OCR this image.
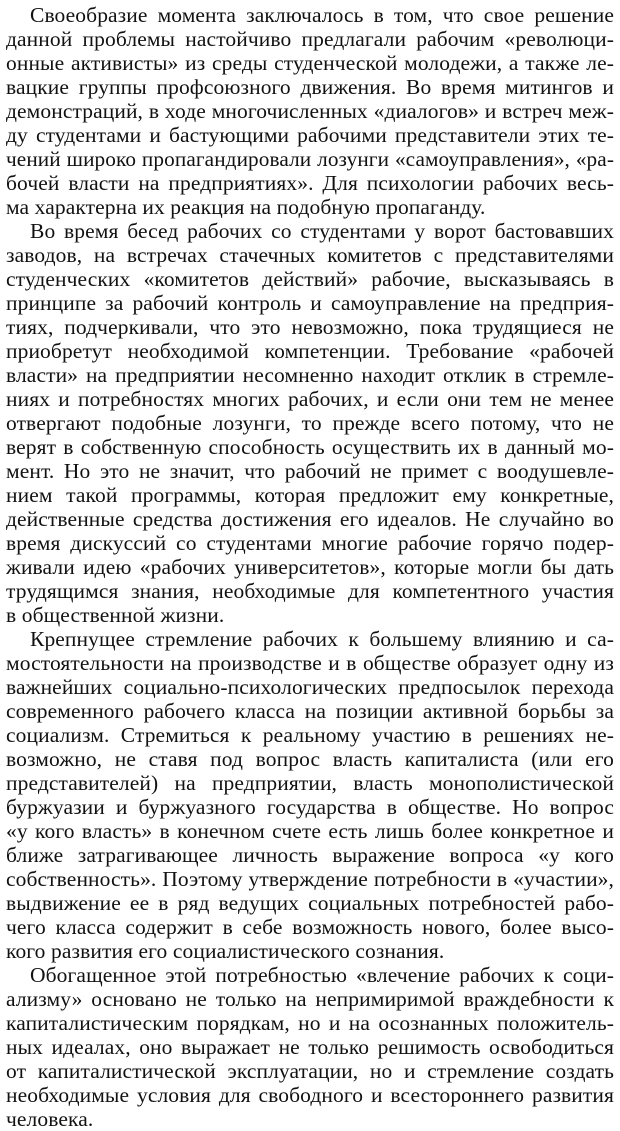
Своеобразие момента заключалось в том, что свое решение
данной проблемы настойчиво предлагали рабочим «революци-
онные активисты» из среды студенческой молодежи, а также ле-
вацкие группы профсоюзного движения. Во время митингов и
демонстраций, в ходе многочисленных «диалогов» и встреч меж-
ду студентами и бастующими рабочими представители этих те-
чений широко пропагандировали лозунги «самоуправления», «ра-
бочей власти на предприятиях». Для психологии рабочих весь-
ма характерна их реакция на подобную пропаганду.
Во время бесед рабочих со студентами у ворот бастовавших
заводов, на встречах стачечных комитетов с представителями
студенческих «комитетов действий» рабочие, высказываясь в
принципе за рабочий контроль и самоуправление на предприя-
тиях, подчеркивали, что это невозможно, пока трудящиеся не
приобретут необходимой компетенции. Требование «рабочей
власти» на предприятии несомненно находит отклик в стремле-
ниях и потребностях многих рабочих, и если они тем не менее
отвергают подобные лозунги, то прежде всего потому, что не
верят в собственную способность осуществить их в данный мо-
мент. Но это не значит, что рабочий не примет с воодушевле-
нием такой программы, которая предложит ему конкретные,
действенные средства достижения его идеалов. Не случайно во
время дискуссий со студентами многие рабочие горячо подер-
живали идею «рабочих университетов», которые могли бы дать
трудящимся знания, необходимые для компетентного участия
в общественной жизни.
Крепнущее стремление рабочих к большему влиянию и са-
мостоятельности на производстве и в обществе образует одну из
важнейших социально-психологических предпосылок перехода
современного рабочего класса на позиции активной борьбы за
социализм. Стремиться к реальному участию в решениях не-
возможно, не ставя под вопрос власть капиталиста (или его
представителей) на предприятии, власть монополистической
буржуазии и буржуазного государства в обществе. Но вопрос
«у кого власть» в конечном счете есть лишь более конкретное и
ближе затрагивающее личность выражение вопроса «у кого
собственность». Поэтому утверждение потребности в «участии»,
выдвижение ее в ряд ведущих социальных потребностей рабо-
чего класса содержит в себе возможность нового, более высо-
кого развития его социалистического сознания.
Обогащенное этой потребностью «влечение рабочих к соци-
ализму» основано не только на непримиримой враждебности к
капиталистическим порядкам, но и на осознанных положитель-
ных идеалах, оно выражает не только решимость освободиться
от капиталистической эксплуатации, но и стремление создать
необходимые условия для свободного и всестороннего развития
человека.
